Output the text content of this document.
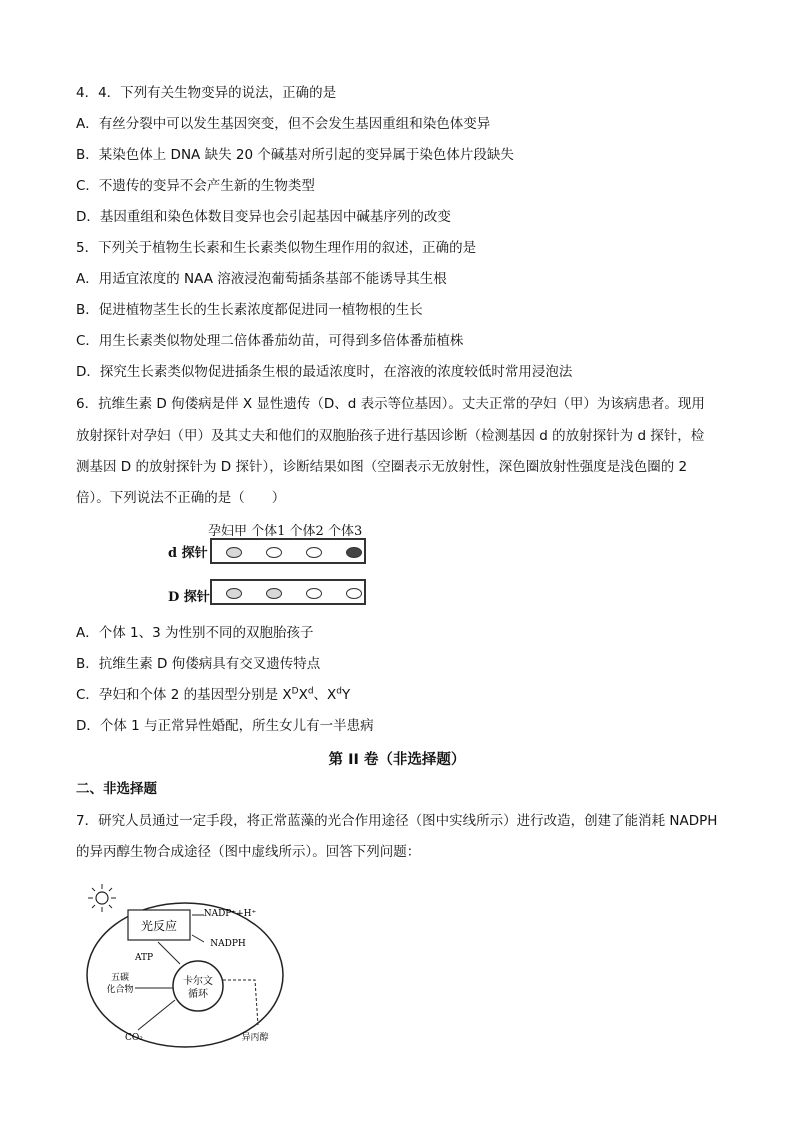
4．4．下列有关生物变异的说法，正确的是
A．有丝分裂中可以发生基因突变，但不会发生基因重组和染色体变异
B．某染色体上 DNA 缺失 20 个碱基对所引起的变异属于染色体片段缺失
C．不遗传的变异不会产生新的生物类型
D．基因重组和染色体数目变异也会引起基因中碱基序列的改变
5．下列关于植物生长素和生长素类似物生理作用的叙述，正确的是
A．用适宜浓度的 NAA 溶液浸泡葡萄插条基部不能诱导其生根
B．促进植物茎生长的生长素浓度都促进同一植物根的生长
C．用生长素类似物处理二倍体番茄幼苗，可得到多倍体番茄植株
D．探究生长素类似物促进插条生根的最适浓度时，在溶液的浓度较低时常用浸泡法
6．抗维生素 D 佝偻病是伴 X 显性遗传（D、d 表示等位基因）。丈夫正常的孕妇（甲）为该病患者。现用
放射探针对孕妇（甲）及其丈夫和他们的双胞胎孩子进行基因诊断（检测基因 d 的放射探针为 d 探针，检
测基因 D 的放射探针为 D 探针），诊断结果如图（空圈表示无放射性，深色圈放射性强度是浅色圈的 2
倍）。下列说法不正确的是（　　）
孕妇甲 个体1 个体2 个体3
d 探针
D 探针
A．个体 1、3 为性别不同的双胞胎孩子
B．抗维生素 D 佝偻病具有交叉遗传特点
C．孕妇和个体 2 的基因型分别是 $X^DX^d$、$X^dY$
D．个体 1 与正常异性婚配，所生女儿有一半患病
第 II 卷（非选择题）
二、非选择题
7．研究人员通过一定手段，将正常蓝藻的光合作用途径（图中实线所示）进行改造，创建了能消耗 NADPH
的异丙醇生物合成途径（图中虚线所示）。回答下列问题：
光反应
NADP⁺+H⁺
NADPH
ATP
卡尔文
循环
五碳
化合物
CO₂	异丙醇
